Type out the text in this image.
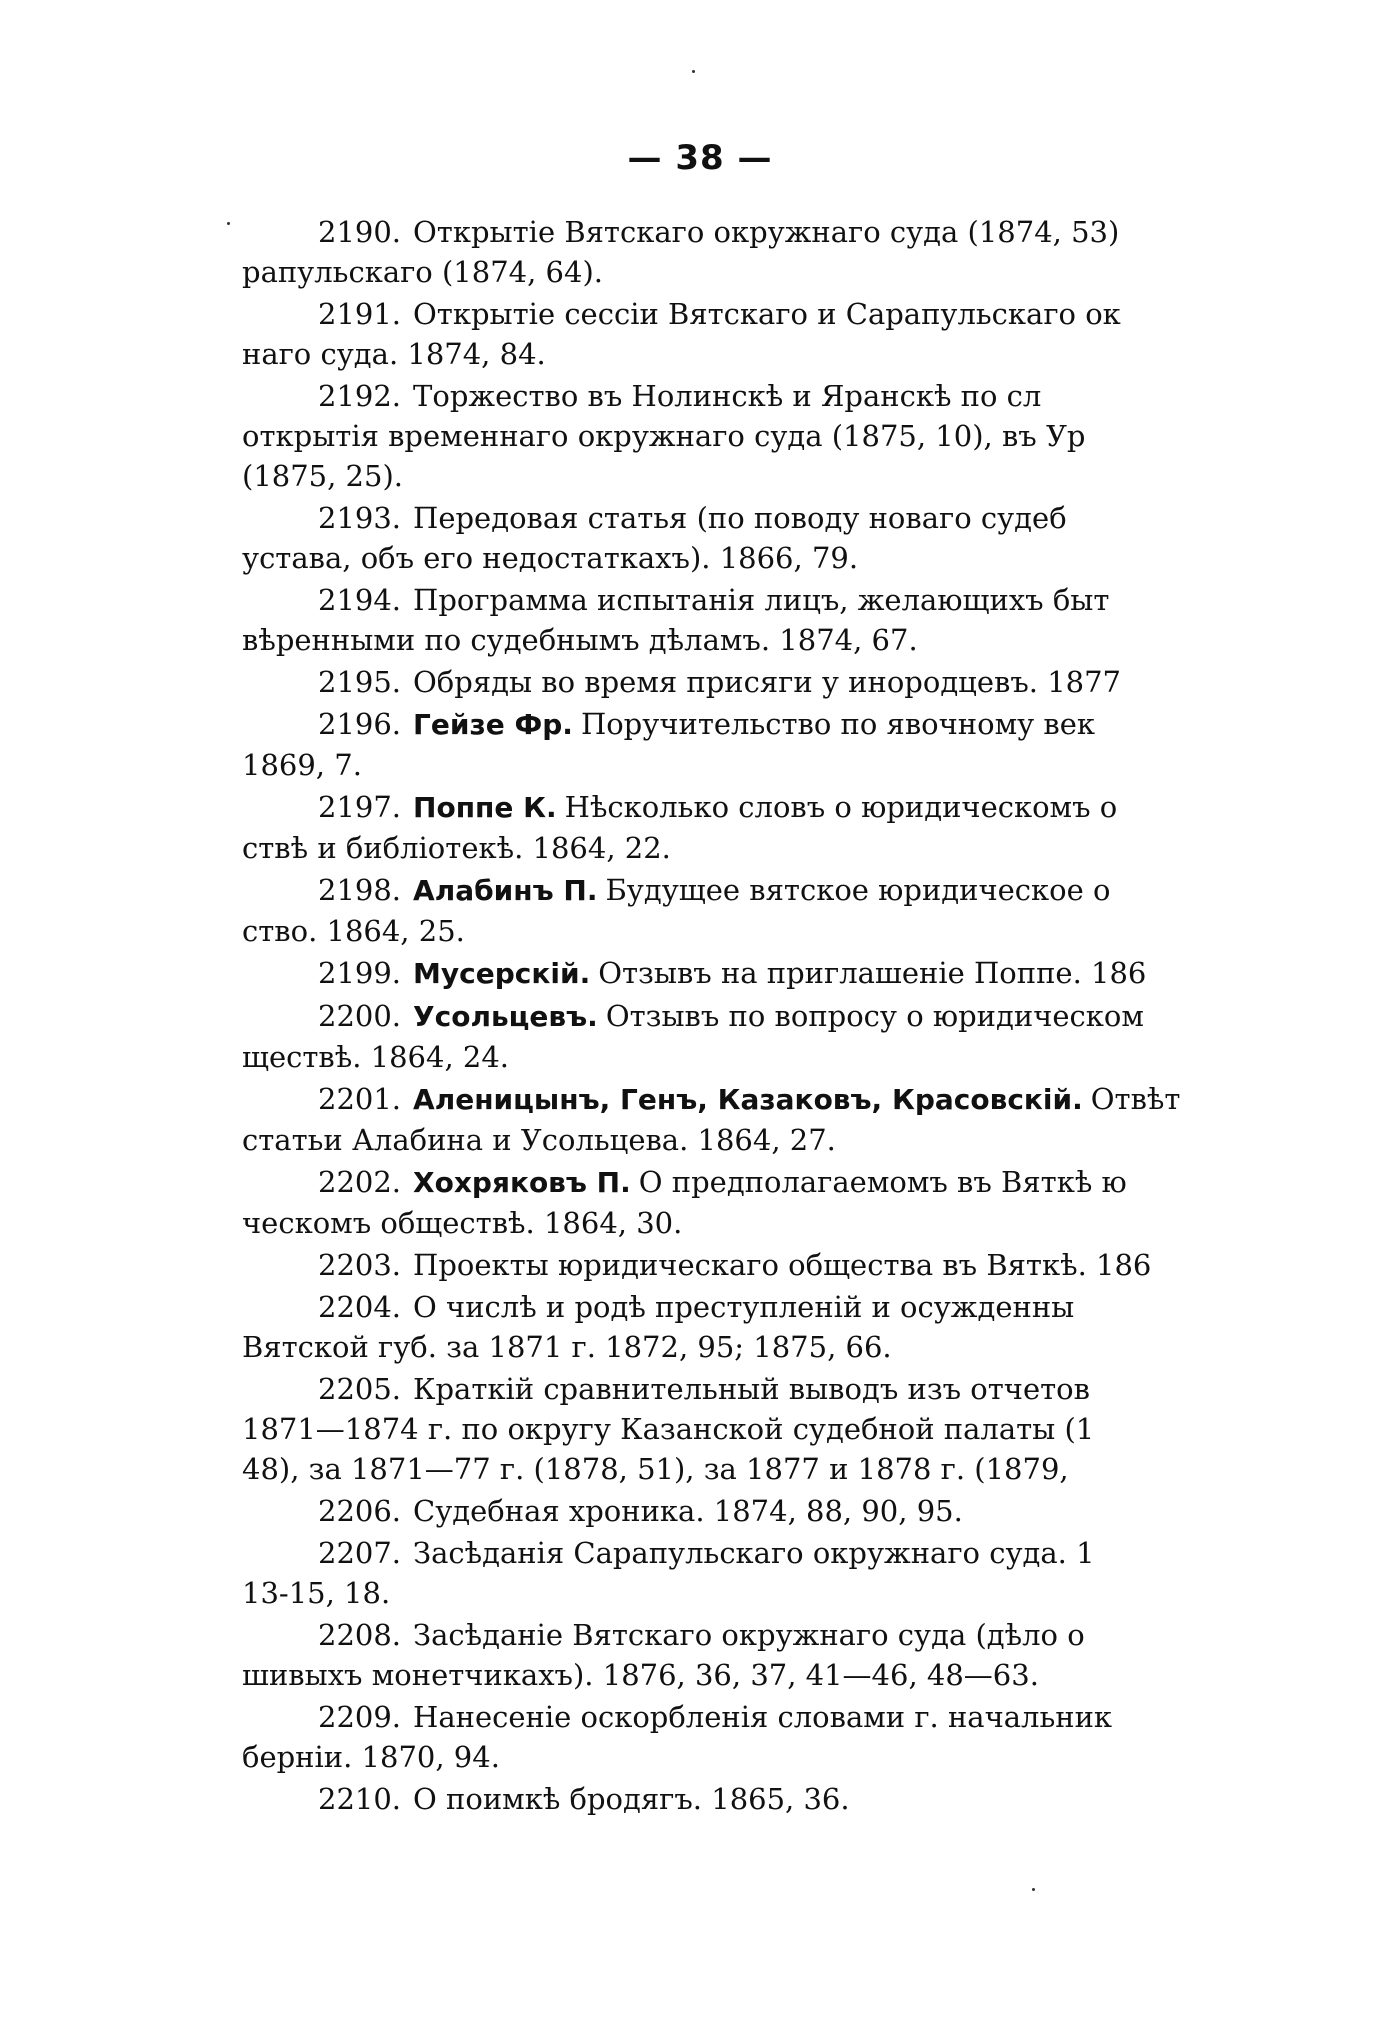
— 38 —
2190. Открытіе Вятскаго окружнаго суда (1874, 53)
рапульскаго (1874, 64).
2191. Открытіе сессіи Вятскаго и Сарапульскаго ок
наго суда. 1874, 84.
2192. Торжество въ Нолинскѣ и Яранскѣ по сл
открытія временнаго окружнаго суда (1875, 10), въ Ур
(1875, 25).
2193. Передовая статья (по поводу новаго судеб
устава, объ его недостаткахъ). 1866, 79.
2194. Программа испытанія лицъ, желающихъ быт
вѣренными по судебнымъ дѣламъ. 1874, 67.
2195. Обряды во время присяги у инородцевъ. 1877
2196. Гейзе Фр. Поручительство по явочному век
1869, 7.
2197. Поппе К. Нѣсколько словъ о юридическомъ о
ствѣ и библіотекѣ. 1864, 22.
2198. Алабинъ П. Будущее вятское юридическое о
ство. 1864, 25.
2199. Мусерскій. Отзывъ на приглашеніе Поппе. 186
2200. Усольцевъ. Отзывъ по вопросу о юридическом
ществѣ. 1864, 24.
2201. Аленицынъ, Генъ, Казаковъ, Красовскій. Отвѣт
статьи Алабина и Усольцева. 1864, 27.
2202. Хохряковъ П. О предполагаемомъ въ Вяткѣ ю
ческомъ обществѣ. 1864, 30.
2203. Проекты юридическаго общества въ Вяткѣ. 186
2204. О числѣ и родѣ преступленій и осужденны
Вятской губ. за 1871 г. 1872, 95; 1875, 66.
2205. Краткій сравнительный выводъ изъ отчетов
1871—1874 г. по округу Казанской судебной палаты (1
48), за 1871—77 г. (1878, 51), за 1877 и 1878 г. (1879,
2206. Судебная хроника. 1874, 88, 90, 95.
2207. Засѣданія Сарапульскаго окружнаго суда. 1
13-15, 18.
2208. Засѣданіе Вятскаго окружнаго суда (дѣло о
шивыхъ монетчикахъ). 1876, 36, 37, 41—46, 48—63.
2209. Нанесеніе оскорбленія словами г. начальник
берніи. 1870, 94.
2210. О поимкѣ бродягъ. 1865, 36.
